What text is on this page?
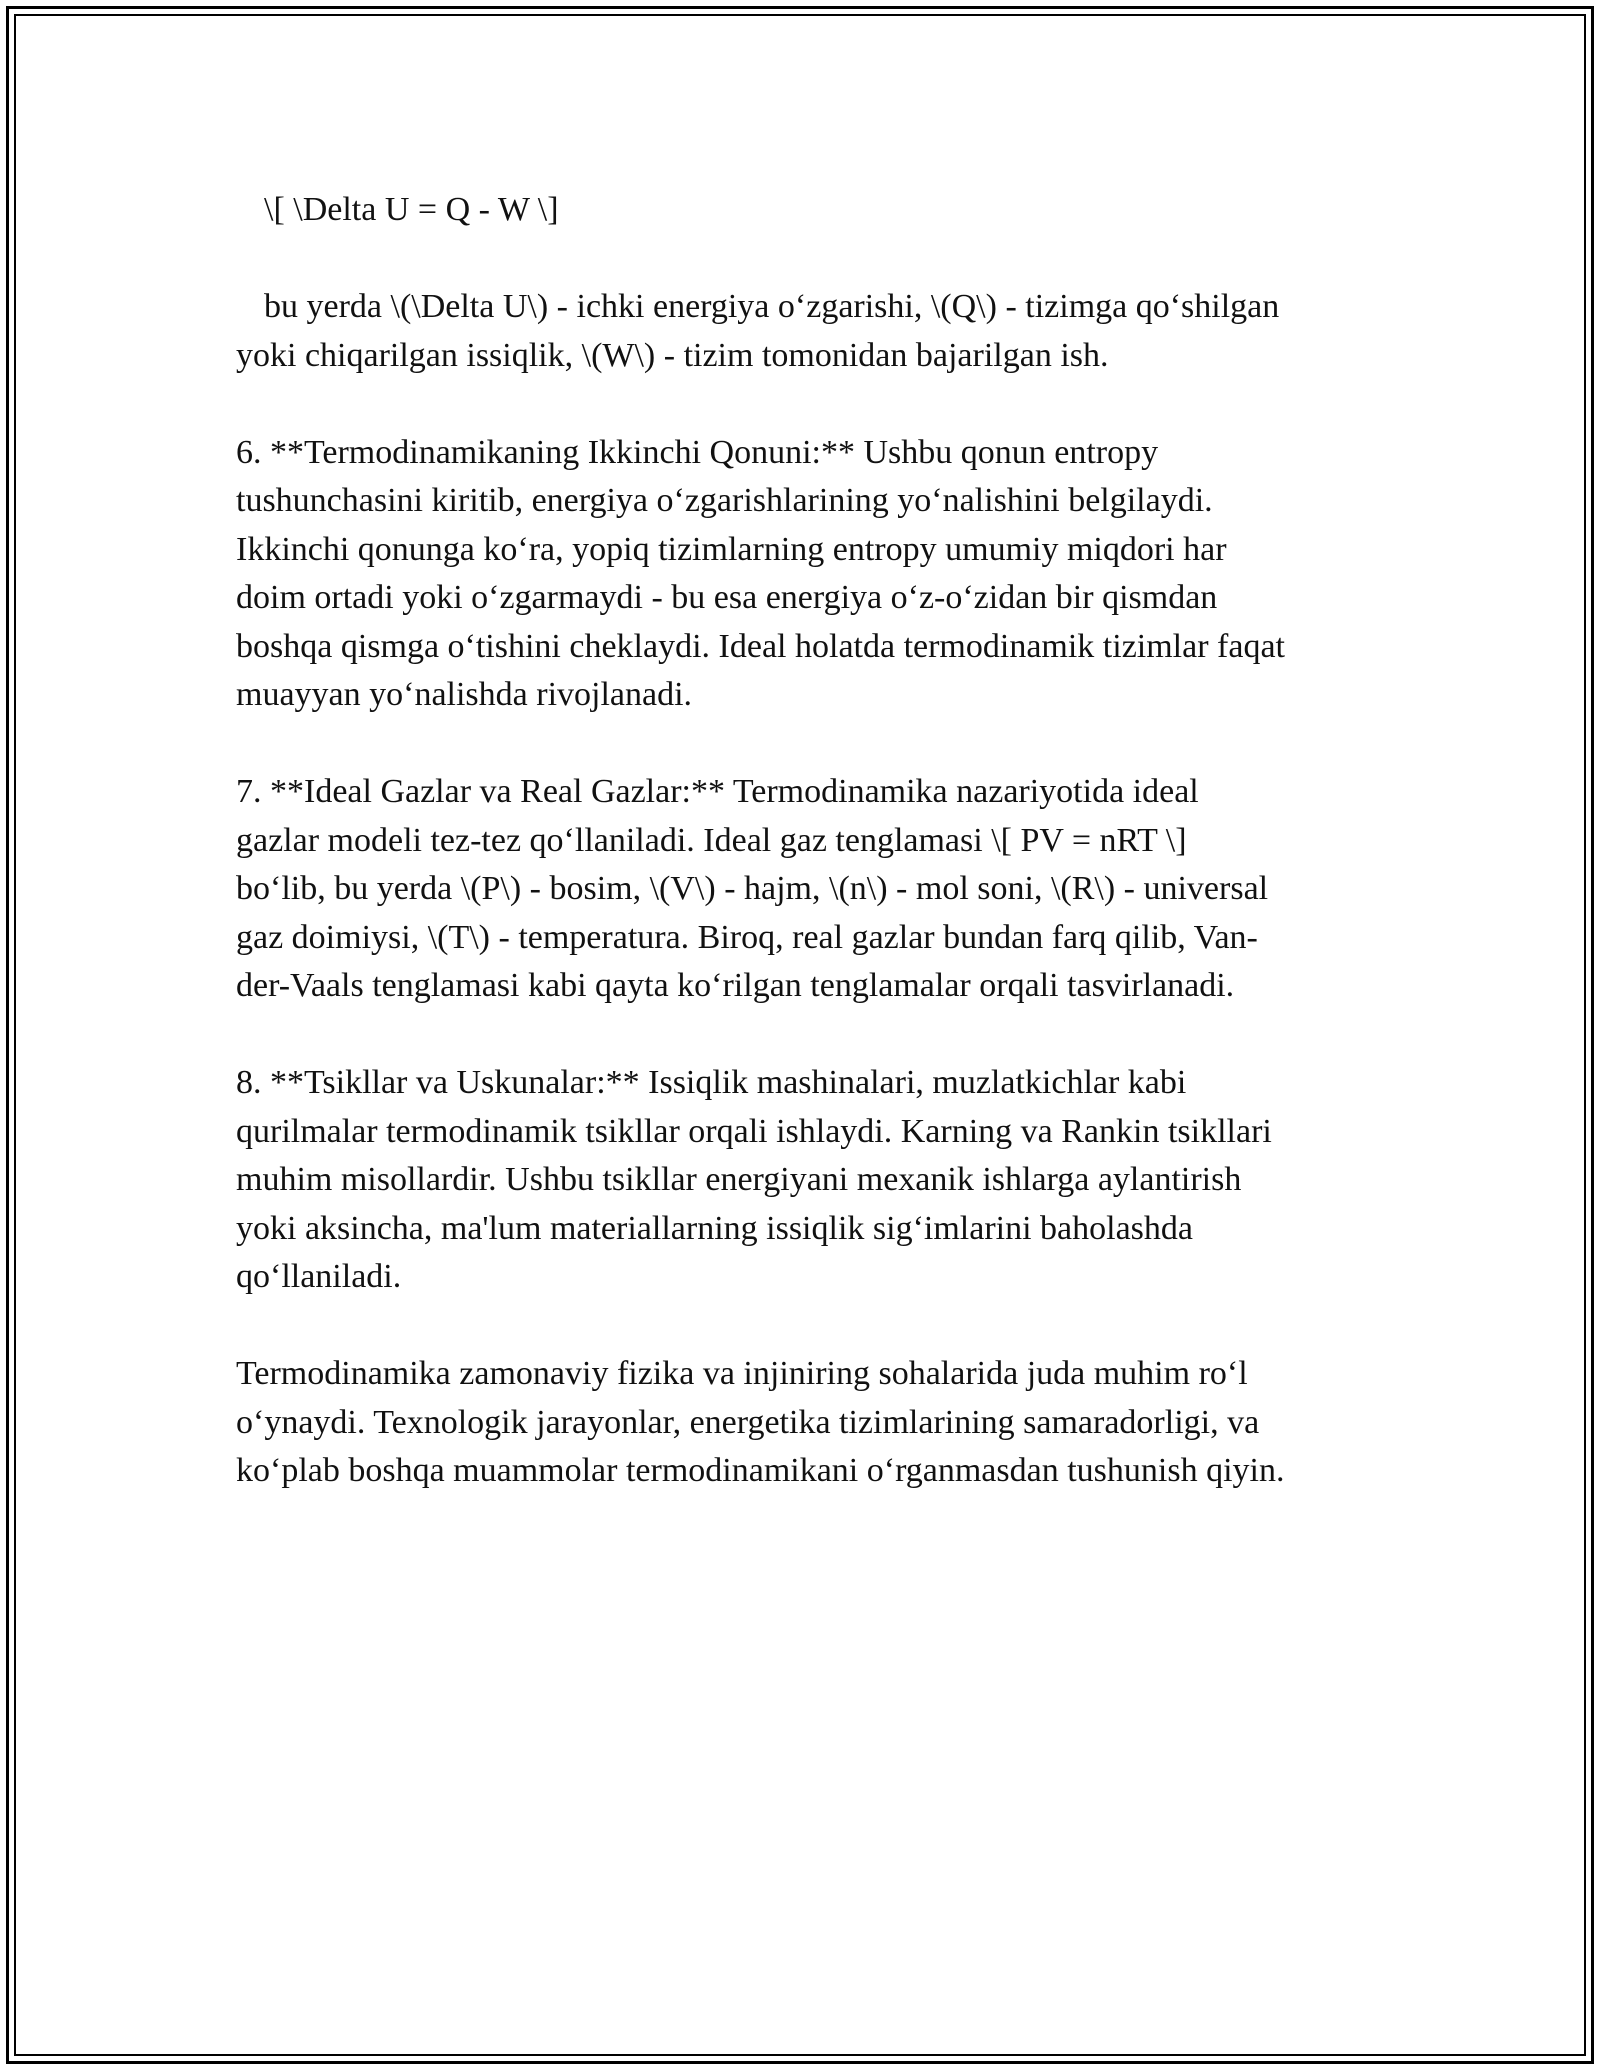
\[ \Delta U = Q - W \]

bu yerda \(\Delta U\) - ichki energiya o‘zgarishi, \(Q\) - tizimga qo‘shilgan
yoki chiqarilgan issiqlik, \(W\) - tizim tomonidan bajarilgan ish.

6. **Termodinamikaning Ikkinchi Qonuni:** Ushbu qonun entropy
tushunchasini kiritib, energiya o‘zgarishlarining yo‘nalishini belgilaydi.
Ikkinchi qonunga ko‘ra, yopiq tizimlarning entropy umumiy miqdori har
doim ortadi yoki o‘zgarmaydi - bu esa energiya o‘z-o‘zidan bir qismdan
boshqa qismga o‘tishini cheklaydi. Ideal holatda termodinamik tizimlar faqat
muayyan yo‘nalishda rivojlanadi.

7. **Ideal Gazlar va Real Gazlar:** Termodinamika nazariyotida ideal
gazlar modeli tez-tez qo‘llaniladi. Ideal gaz tenglamasi \[ PV = nRT \]
bo‘lib, bu yerda \(P\) - bosim, \(V\) - hajm, \(n\) - mol soni, \(R\) - universal
gaz doimiysi, \(T\) - temperatura. Biroq, real gazlar bundan farq qilib, Van-
der-Vaals tenglamasi kabi qayta ko‘rilgan tenglamalar orqali tasvirlanadi.

8. **Tsikllar va Uskunalar:** Issiqlik mashinalari, muzlatkichlar kabi
qurilmalar termodinamik tsikllar orqali ishlaydi. Karning va Rankin tsikllari
muhim misollardir. Ushbu tsikllar energiyani mexanik ishlarga aylantirish
yoki aksincha, ma'lum materiallarning issiqlik sig‘imlarini baholashda
qo‘llaniladi.

Termodinamika zamonaviy fizika va injiniring sohalarida juda muhim ro‘l
o‘ynaydi. Texnologik jarayonlar, energetika tizimlarining samaradorligi, va
ko‘plab boshqa muammolar termodinamikani o‘rganmasdan tushunish qiyin.
